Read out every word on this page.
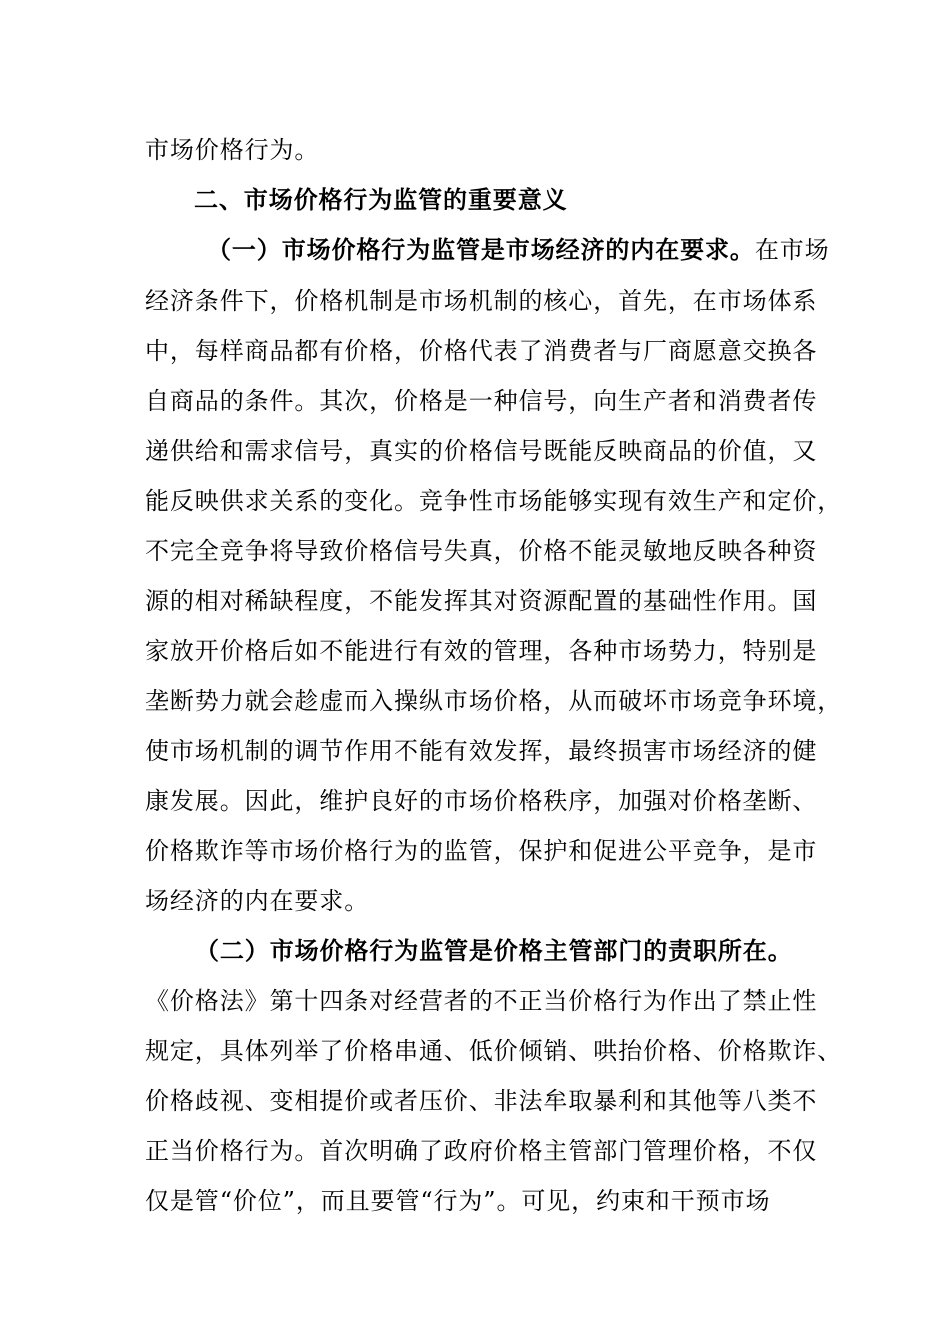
市场价格行为。
二、市场价格行为监管的重要意义
（一）市场价格行为监管是市场经济的内在要求。在市场
经济条件下，价格机制是市场机制的核心，首先，在市场体系
中，每样商品都有价格，价格代表了消费者与厂商愿意交换各
自商品的条件。其次，价格是一种信号，向生产者和消费者传
递供给和需求信号，真实的价格信号既能反映商品的价值，又
能反映供求关系的变化。竞争性市场能够实现有效生产和定价，
不完全竞争将导致价格信号失真，价格不能灵敏地反映各种资
源的相对稀缺程度，不能发挥其对资源配置的基础性作用。国
家放开价格后如不能进行有效的管理，各种市场势力，特别是
垄断势力就会趁虚而入操纵市场价格，从而破坏市场竞争环境，
使市场机制的调节作用不能有效发挥，最终损害市场经济的健
康发展。因此，维护良好的市场价格秩序，加强对价格垄断、
价格欺诈等市场价格行为的监管，保护和促进公平竞争，是市
场经济的内在要求。
（二）市场价格行为监管是价格主管部门的责职所在。
《价格法》第十四条对经营者的不正当价格行为作出了禁止性
规定，具体列举了价格串通、低价倾销、哄抬价格、价格欺诈、
价格歧视、变相提价或者压价、非法牟取暴利和其他等八类不
正当价格行为。首次明确了政府价格主管部门管理价格，不仅
仅是管“价位”，而且要管“行为”。可见，约束和干预市场
